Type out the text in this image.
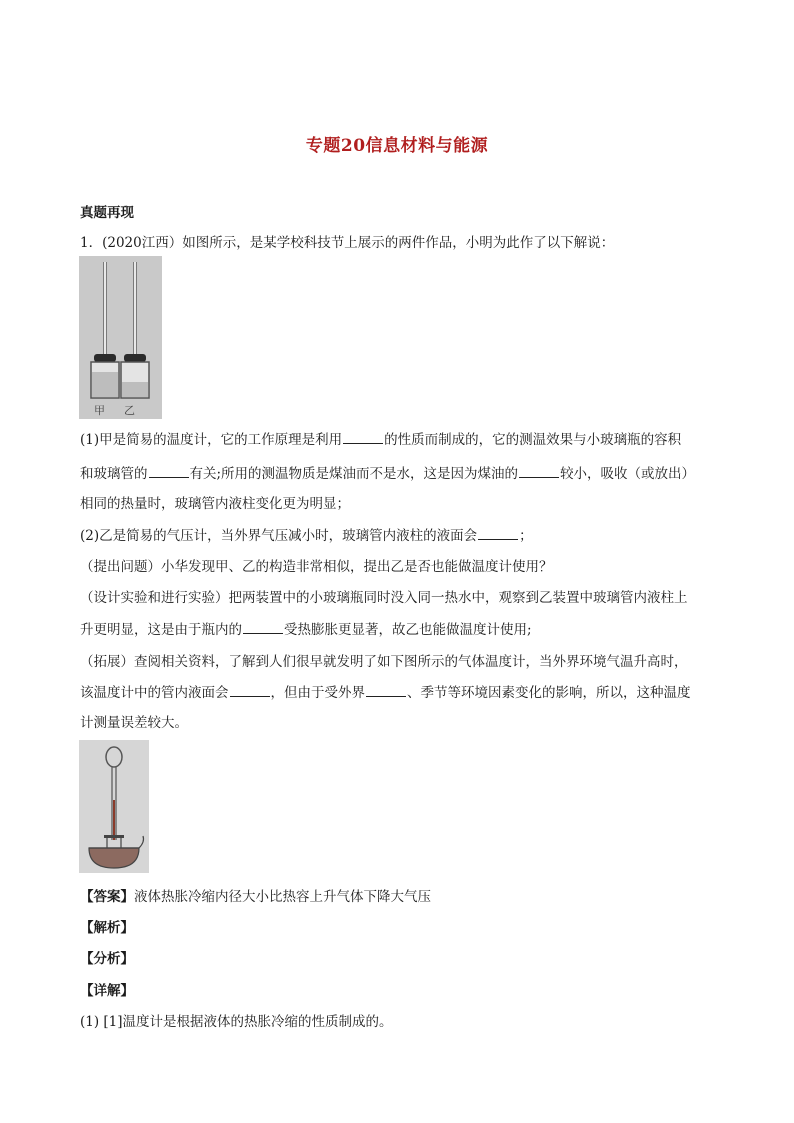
专题20信息材料与能源
真题再现
1．(2020江西）如图所示，是某学校科技节上展示的两件作品，小明为此作了以下解说：
甲 乙
(1)甲是简易的温度计，它的工作原理是利用	的性质而制成的，它的测温效果与小玻璃瓶的容积
和玻璃管的	有关;所用的测温物质是煤油而不是水，这是因为煤油的	较小，吸收（或放出）
相同的热量时，玻璃管内液柱变化更为明显；
(2)乙是简易的气压计，当外界气压减小时，玻璃管内液柱的液面会	；
（提出问题）小华发现甲、乙的构造非常相似，提出乙是否也能做温度计使用？
（设计实验和进行实验）把两装置中的小玻璃瓶同时没入同一热水中，观察到乙装置中玻璃管内液柱上
升更明显，这是由于瓶内的	受热膨胀更显著，故乙也能做温度计使用;
（拓展）查阅相关资料，了解到人们很早就发明了如下图所示的气体温度计，当外界环境气温升高时，
该温度计中的管内液面会	，但由于受外界	、季节等环境因素变化的影响，所以，这种温度
计测量误差较大。
【答案】液体热胀冷缩内径大小比热容上升气体下降大气压
【解析】
【分析】
【详解】
(1) [1]温度计是根据液体的热胀冷缩的性质制成的。
